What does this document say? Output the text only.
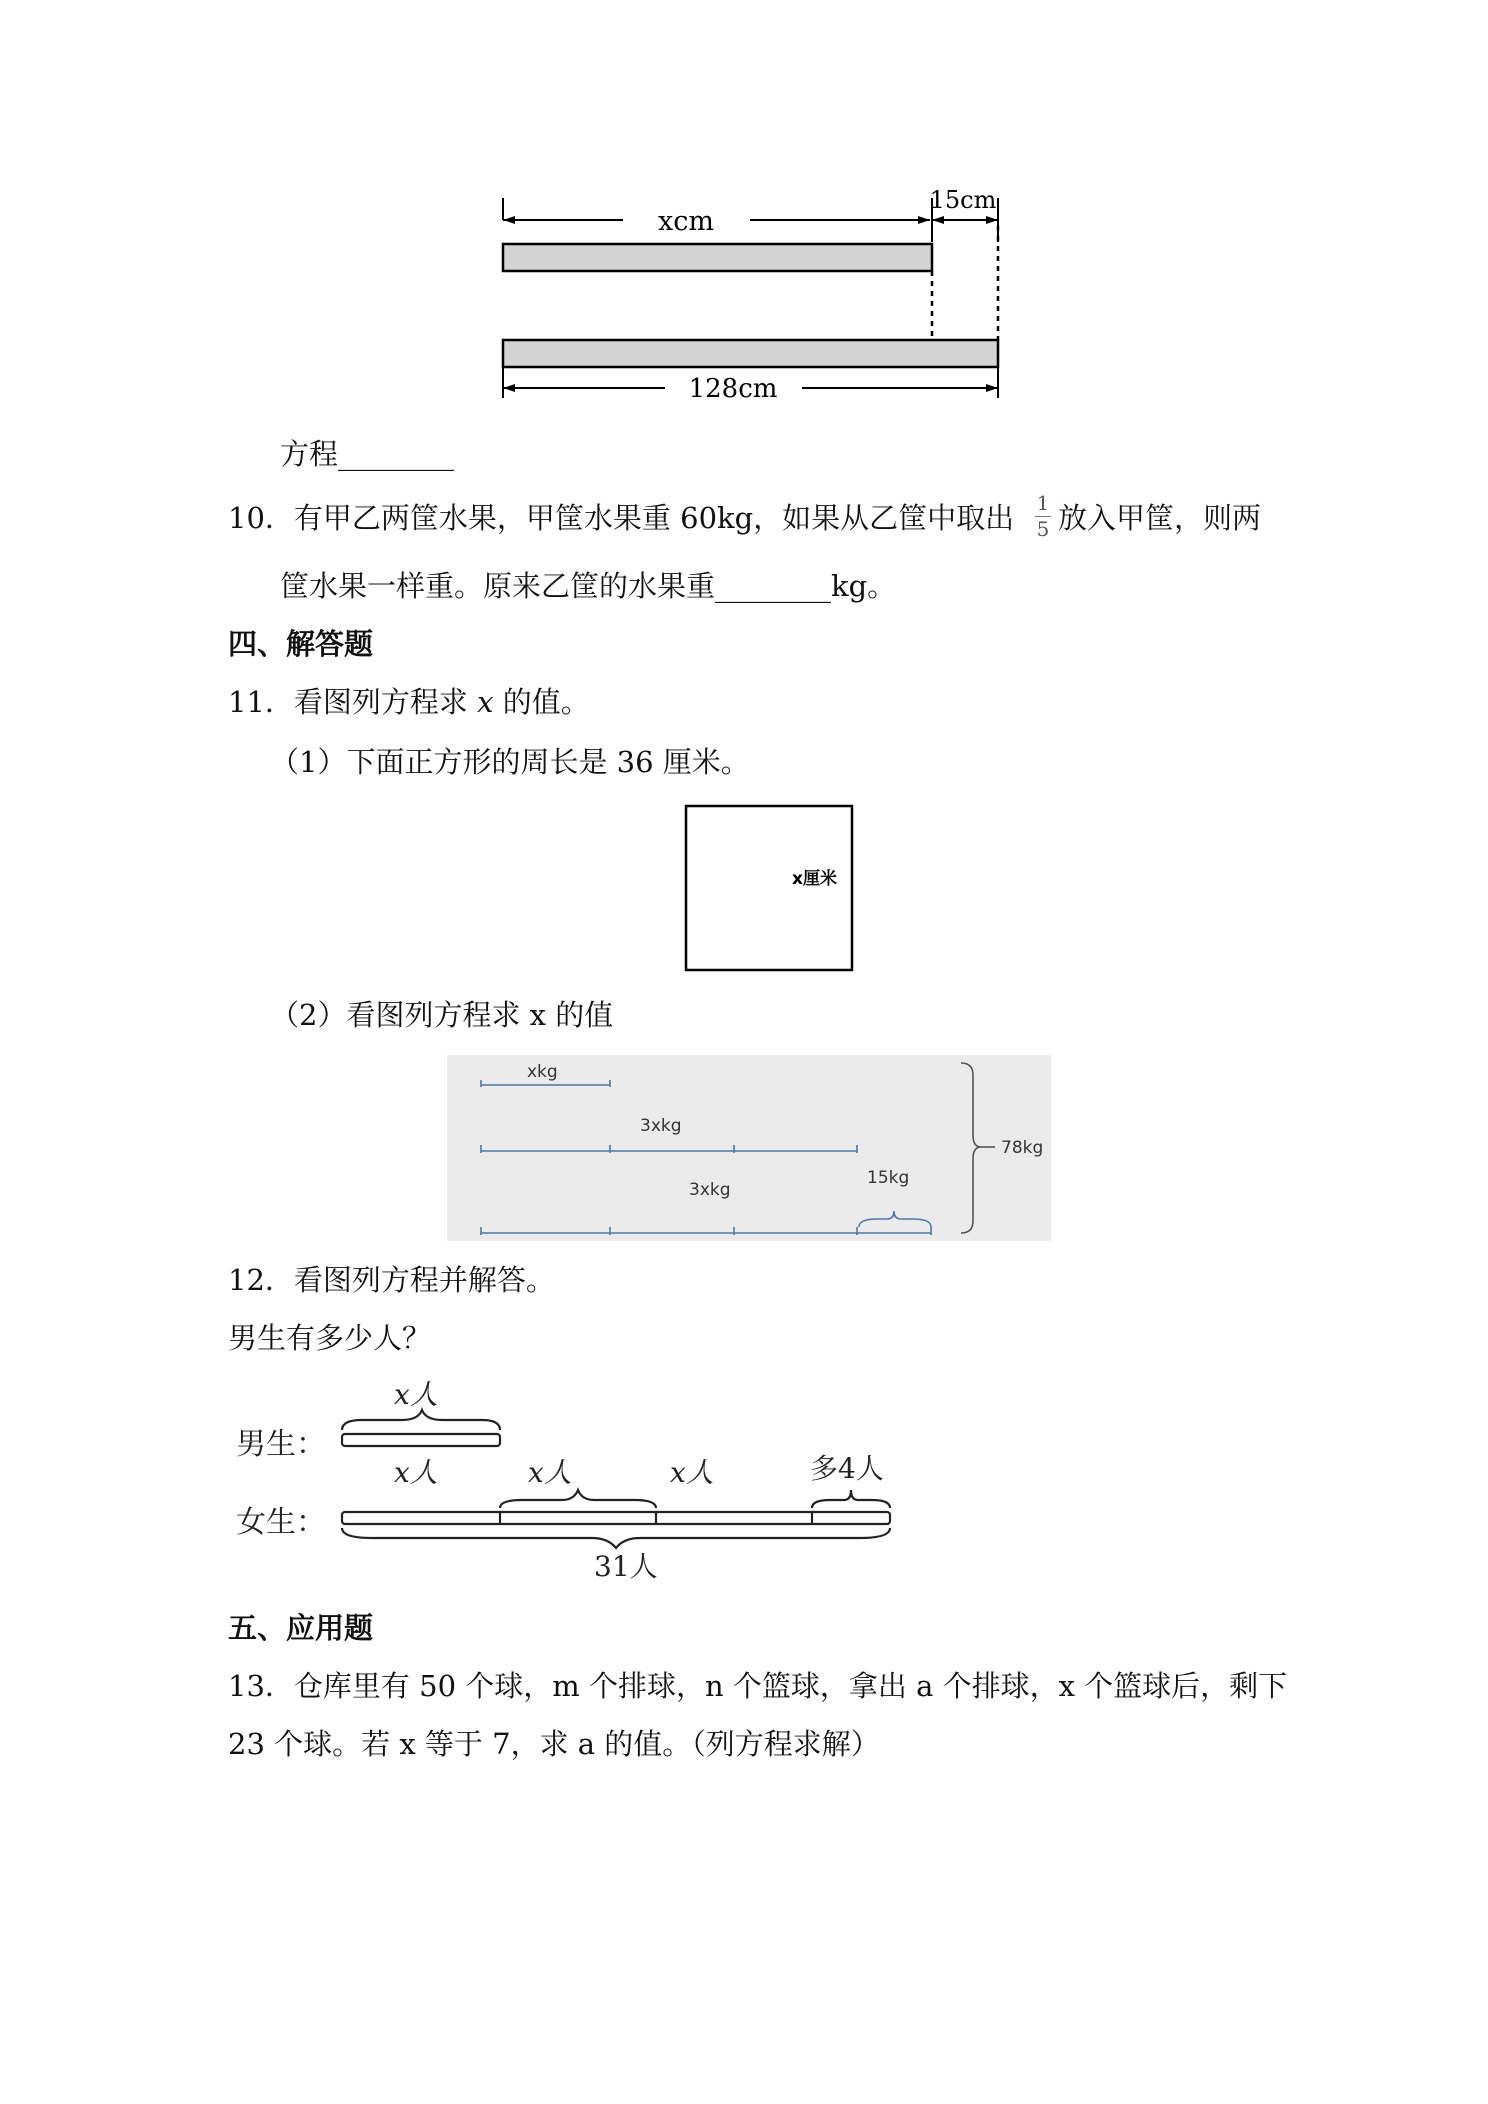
xcm
15cm
128cm
方程________
10．有甲乙两筐水果，甲筐水果重 60kg，如果从乙筐中取出	1
5 放入甲筐，则两
筐水果一样重。原来乙筐的水果重________kg。
四、解答题
11．看图列方程求 x 的值。
（1）下面正方形的周长是 36 厘米。
x厘米
（2）看图列方程求 x 的值
xkg
3xkg
3xkg
15kg
78kg
12．看图列方程并解答。
男生有多少人？
男生：
女生：
x人
x人	x人	x人	多4人
31人
五、应用题
13．仓库里有 50 个球，m 个排球，n 个篮球，拿出 a 个排球，x 个篮球后，剩下
23 个球。若 x 等于 7，求 a 的值。（列方程求解）
